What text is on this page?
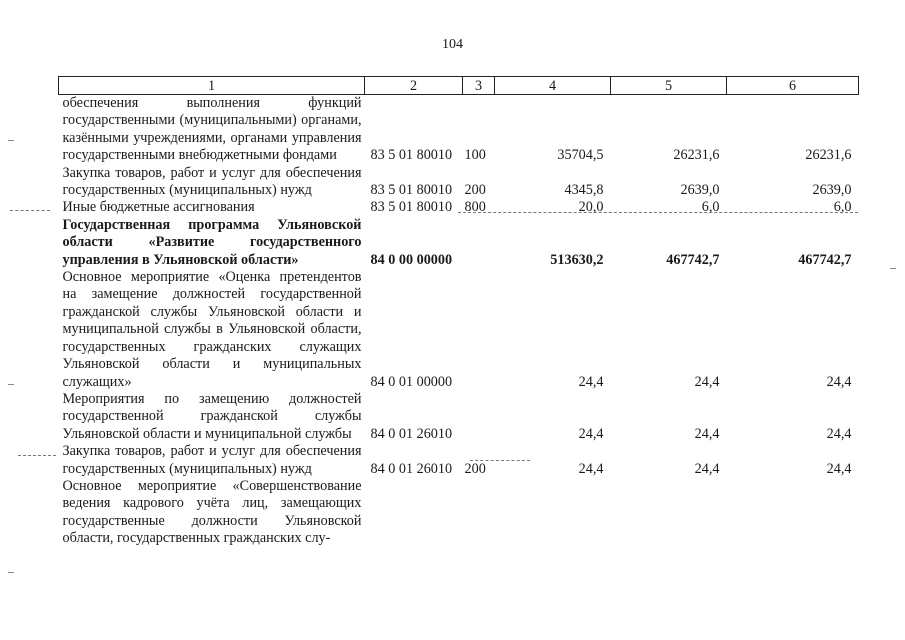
104
1	2	3	4	5	6
обеспечения выполнения функций государственными (муниципальными) органами, казёнными учреждениями, органами управления государственными внебюджетными фондами	83 5 01 80010	100	35704,5	26231,6	26231,6
Закупка товаров, работ и услуг для обеспечения государственных (муниципальных) нужд	83 5 01 80010	200	4345,8	2639,0	2639,0
Иные бюджетные ассигнования	83 5 01 80010	800	20,0	6,0	6,0
Государственная программа Ульяновской области «Развитие государственного управления в Ульяновской области»	84 0 00 00000		513630,2	467742,7	467742,7
Основное мероприятие «Оценка претендентов на замещение должностей государственной гражданской службы Ульяновской области и муниципальной службы в Ульяновской области, государственных гражданских служащих Ульяновской области и муниципальных служащих»	84 0 01 00000		24,4	24,4	24,4
Мероприятия по замещению должностей государственной гражданской службы Ульяновской области и муниципальной службы	84 0 01 26010		24,4	24,4	24,4
Закупка товаров, работ и услуг для обеспечения государственных (муниципальных) нужд	84 0 01 26010	200	24,4	24,4	24,4
Основное мероприятие «Совершенствование ведения кадрового учёта лиц, замещающих государственные должности Ульяновской области, государственных гражданских слу-					
